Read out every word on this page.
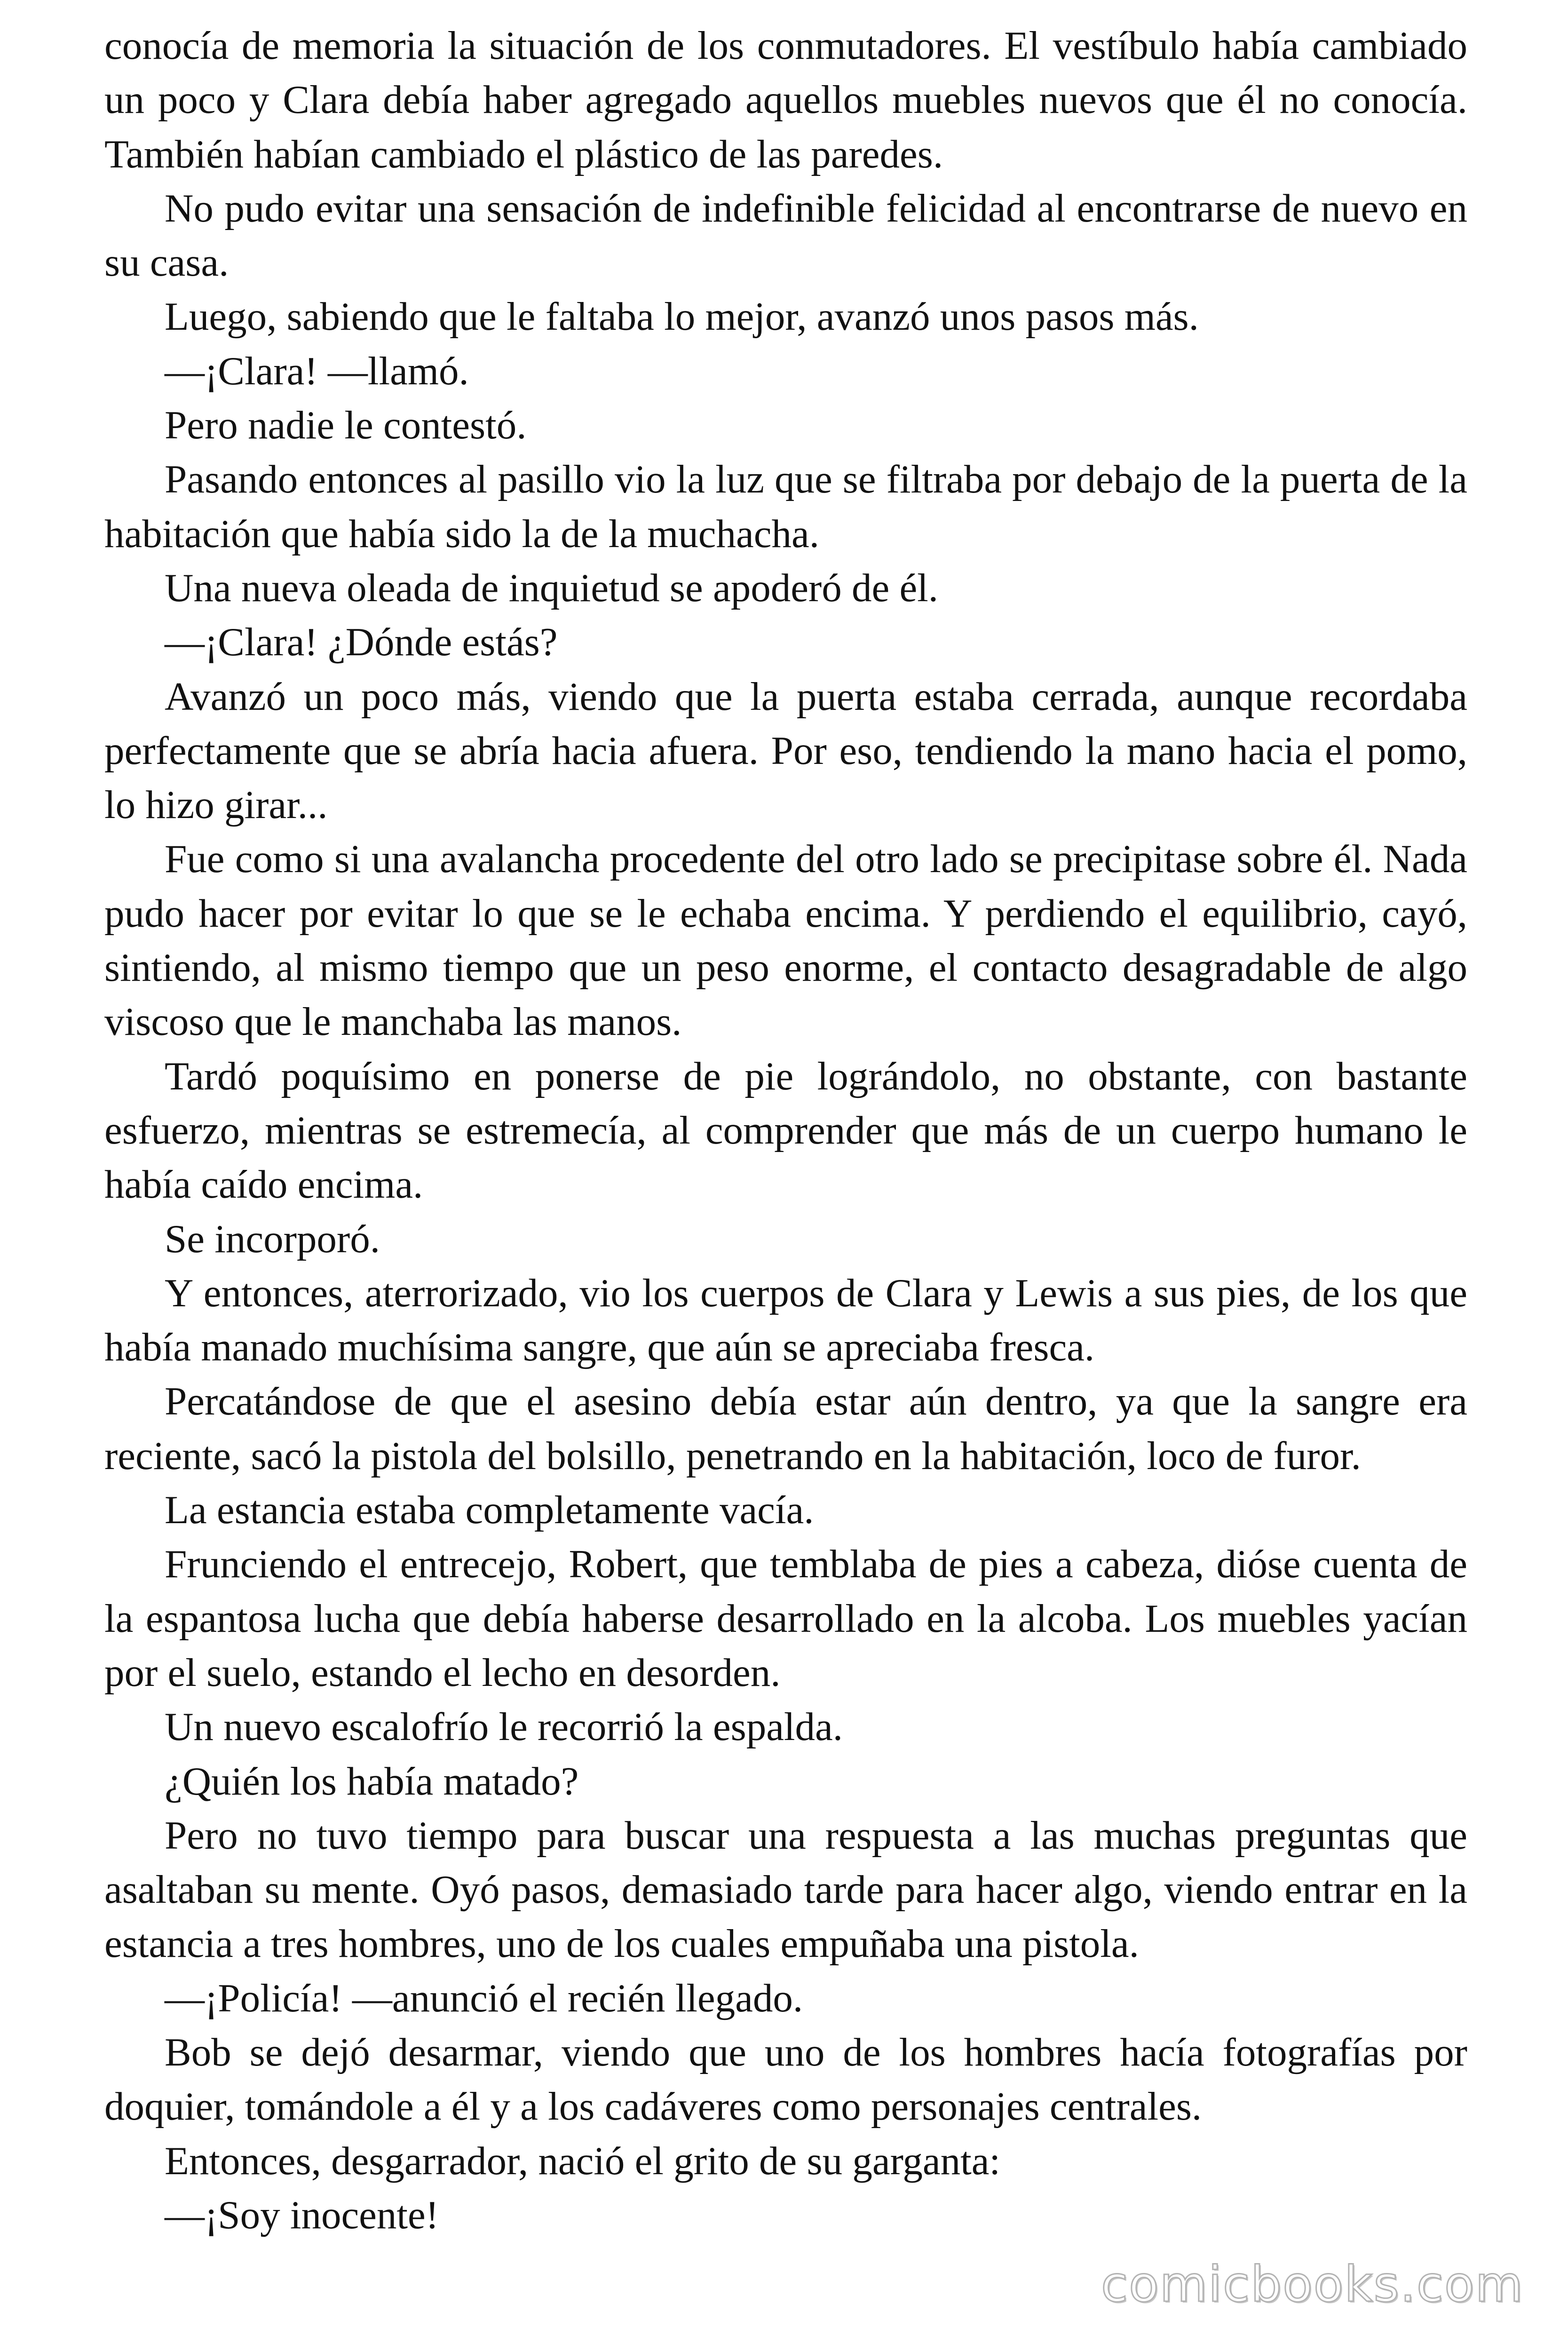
conocía de memoria la situación de los conmutadores. El vestíbulo había cambiado un poco y Clara debía haber agregado aquellos muebles nuevos que él no conocía. También habían cambiado el plástico de las paredes.

No pudo evitar una sensación de indefinible felicidad al encontrarse de nuevo en su casa.

Luego, sabiendo que le faltaba lo mejor, avanzó unos pasos más.

—¡Clara! —llamó.

Pero nadie le contestó.

Pasando entonces al pasillo vio la luz que se filtraba por debajo de la puerta de la habitación que había sido la de la muchacha.

Una nueva oleada de inquietud se apoderó de él.

—¡Clara! ¿Dónde estás?

Avanzó un poco más, viendo que la puerta estaba cerrada, aunque recordaba perfectamente que se abría hacia afuera. Por eso, tendiendo la mano hacia el pomo, lo hizo girar...

Fue como si una avalancha procedente del otro lado se precipitase sobre él. Nada pudo hacer por evitar lo que se le echaba encima. Y perdiendo el equilibrio, cayó, sintiendo, al mismo tiempo que un peso enorme, el contacto desagradable de algo viscoso que le manchaba las manos.

Tardó poquísimo en ponerse de pie lográndolo, no obstante, con bastante esfuerzo, mientras se estremecía, al comprender que más de un cuerpo humano le había caído encima.

Se incorporó.

Y entonces, aterrorizado, vio los cuerpos de Clara y Lewis a sus pies, de los que había manado muchísima sangre, que aún se apreciaba fresca.

Percatándose de que el asesino debía estar aún dentro, ya que la sangre era reciente, sacó la pistola del bolsillo, penetrando en la habitación, loco de furor.

La estancia estaba completamente vacía.

Frunciendo el entrecejo, Robert, que temblaba de pies a cabeza, dióse cuenta de la espantosa lucha que debía haberse desarrollado en la alcoba. Los muebles yacían por el suelo, estando el lecho en desorden.

Un nuevo escalofrío le recorrió la espalda.

¿Quién los había matado?

Pero no tuvo tiempo para buscar una respuesta a las muchas preguntas que asaltaban su mente. Oyó pasos, demasiado tarde para hacer algo, viendo entrar en la estancia a tres hombres, uno de los cuales empuñaba una pistola.

—¡Policía! —anunció el recién llegado.

Bob se dejó desarmar, viendo que uno de los hombres hacía fotografías por doquier, tomándole a él y a los cadáveres como personajes centrales.

Entonces, desgarrador, nació el grito de su garganta:

—¡Soy inocente!

comicbooks.com
